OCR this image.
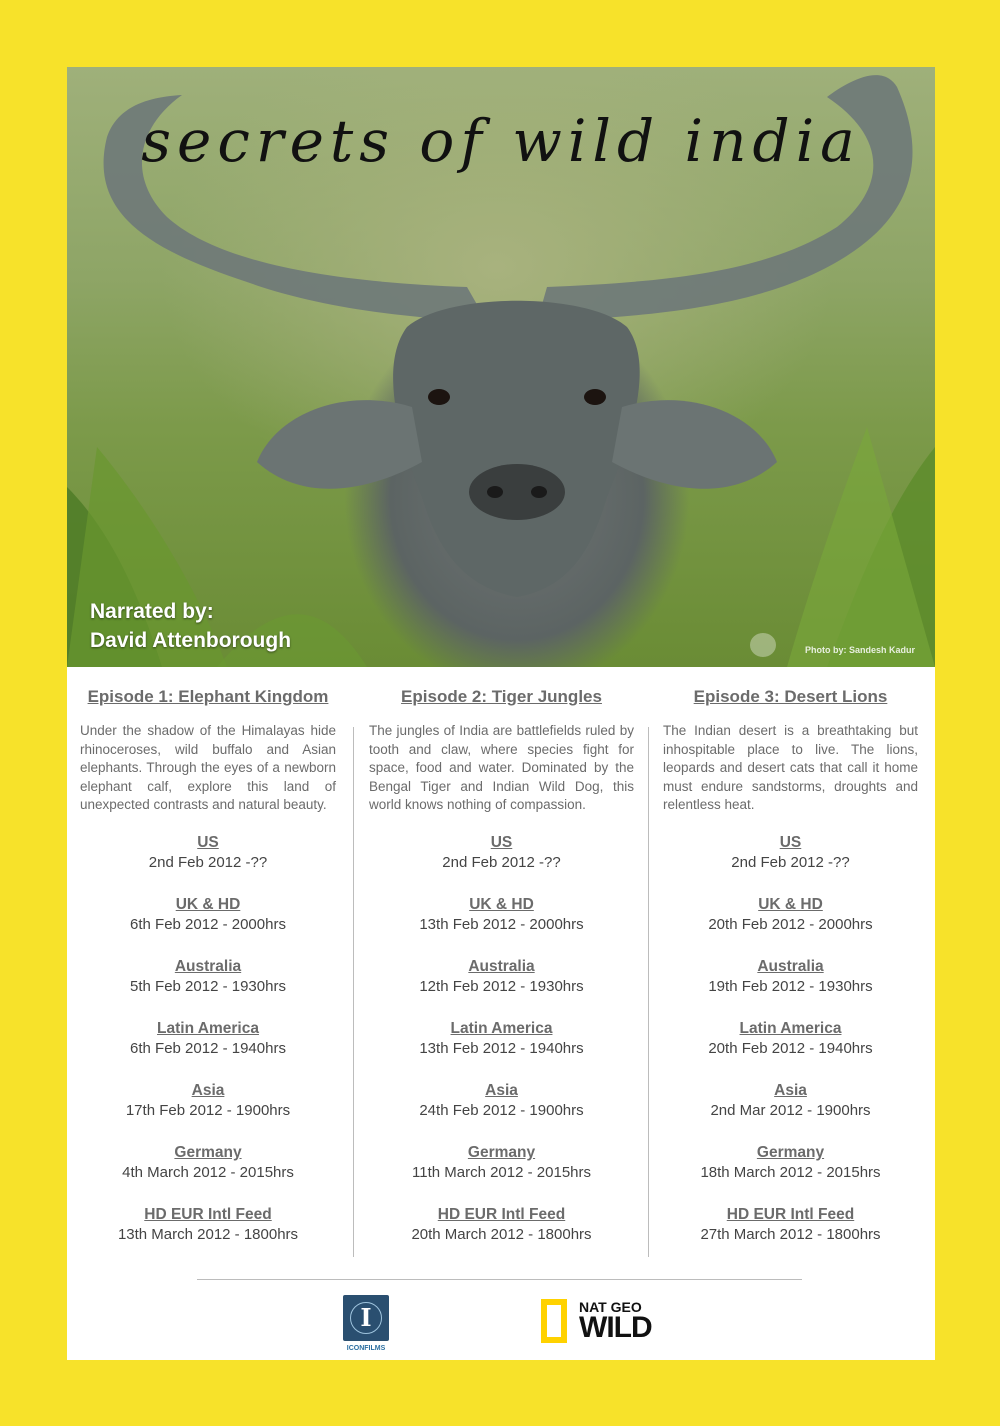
secrets of wild india
Narrated by:
David Attenborough	Photo by: Sandesh Kadur
Episode 1: Elephant Kingdom
Under the shadow of the Himalayas hide rhinoceroses, wild buffalo and Asian elephants. Through the eyes of a newborn elephant calf, explore this land of unexpected contrasts and natural beauty.
US
2nd Feb 2012 -??
UK & HD
6th Feb 2012 - 2000hrs
Australia
5th Feb 2012 - 1930hrs
Latin America
6th Feb 2012 - 1940hrs
Asia
17th Feb 2012 - 1900hrs
Germany
4th March 2012 - 2015hrs
HD EUR Intl Feed
13th March 2012 - 1800hrs
Episode 2: Tiger Jungles
The jungles of India are battlefields ruled by tooth and claw, where species fight for space, food and water. Dominated by the Bengal Tiger and Indian Wild Dog, this world knows nothing of compassion.
US
2nd Feb 2012 -??
UK & HD
13th Feb 2012 - 2000hrs
Australia
12th Feb 2012 - 1930hrs
Latin America
13th Feb 2012 - 1940hrs
Asia
24th Feb 2012 - 1900hrs
Germany
11th March 2012 - 2015hrs
HD EUR Intl Feed
20th March 2012 - 1800hrs
Episode 3: Desert Lions
The Indian desert is a breathtaking but inhospitable place to live. The lions, leopards and desert cats that call it home must endure sandstorms, droughts and relentless heat.
US
2nd Feb 2012 -??
UK & HD
20th Feb 2012 - 2000hrs
Australia
19th Feb 2012 - 1930hrs
Latin America
20th Feb 2012 - 1940hrs
Asia
2nd Mar 2012 - 1900hrs
Germany
18th March 2012 - 2015hrs
HD EUR Intl Feed
27th March 2012 - 1800hrs
I
ICONFILMS
NAT GEO
WILD
